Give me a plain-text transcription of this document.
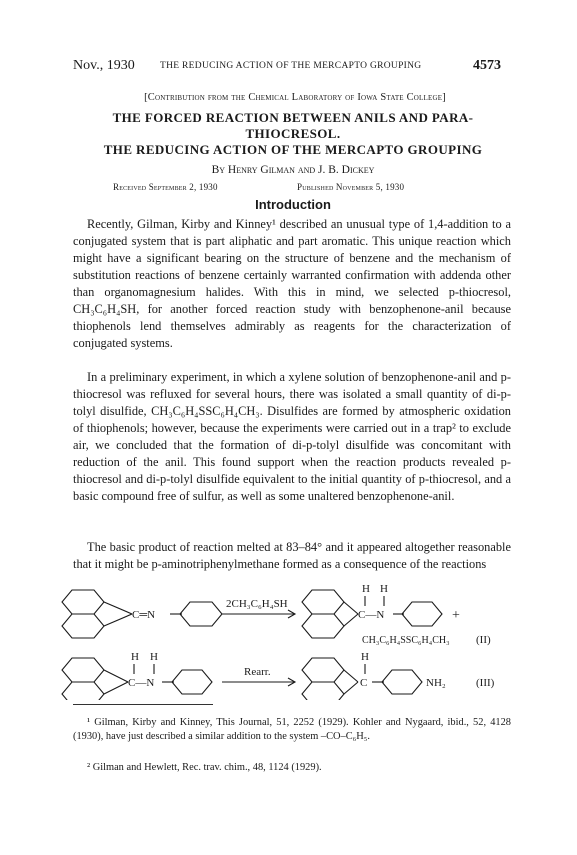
Nov., 1930	THE REDUCING ACTION OF THE MERCAPTO GROUPING	4573
[Contribution from the Chemical Laboratory of Iowa State College]
THE FORCED REACTION BETWEEN ANILS AND PARA-
THIOCRESOL.
THE REDUCING ACTION OF THE MERCAPTO GROUPING
By Henry Gilman and J. B. Dickey
Received September 2, 1930	Published November 5, 1930
Introduction

Recently, Gilman, Kirby and Kinney¹ described an unusual type of 1,4-addition to a conjugated system that is part aliphatic and part aromatic. This unique reaction which might have a significant bearing on the structure of benzene and the mechanism of substitution reactions of benzene certainly warranted confirmation with addenda other than organomagnesium halides. With this in mind, we selected p-thiocresol, CH₃C₆H₄SH, for another forced reaction study with benzophenone-anil because thiophenols lend themselves admirably as reagents for the characterization of conjugated systems.

In a preliminary experiment, in which a xylene solution of benzophenone-anil and p-thiocresol was refluxed for several hours, there was isolated a small quantity of di-p-tolyl disulfide, CH₃C₆H₄SSC₆H₄CH₃. Disulfides are formed by atmospheric oxidation of thiophenols; however, because the experiments were carried out in a trap² to exclude air, we concluded that the formation of di-p-tolyl disulfide was concomitant with reduction of the anil. This found support when the reaction products revealed p-thiocresol and di-p-tolyl disulfide equivalent to the initial quantity of p-thiocresol, and a basic compound free of sulfur, as well as some unaltered benzophenone-anil.

The basic product of reaction melted at 83–84° and it appeared altogether reasonable that it might be p-aminotriphenylmethane formed as a consequence of the reactions

C═N
2CH₃C₆H₄SH
H H
C—N	+
CH₃C₆H₄SSC₆H₄CH₃ (II)
H H
C—N
Rearr.
H
C	NH₂	(III)

¹ Gilman, Kirby and Kinney, This Journal, 51, 2252 (1929). Kohler and Nygaard, ibid., 52, 4128 (1930), have just described a similar addition to the system –CO–C₆H₅.

² Gilman and Hewlett, Rec. trav. chim., 48, 1124 (1929).
